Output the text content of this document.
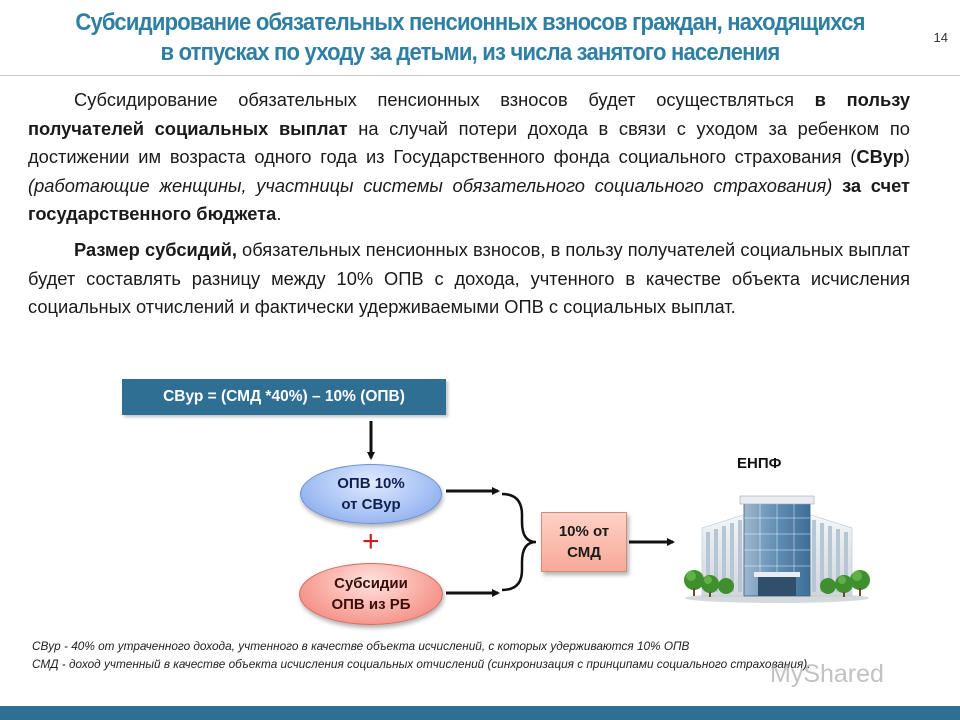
Субсидирование обязательных пенсионных взносов граждан, находящихся
в отпусках по уходу за детьми, из числа занятого населения
14

Субсидирование обязательных пенсионных взносов будет осуществляться в пользу получателей социальных выплат на случай потери дохода в связи с уходом за ребенком по достижении им возраста одного года из Государственного фонда социального страхования (СВур) (работающие женщины, участницы системы обязательного социального страхования) за счет государственного бюджета.

Размер субсидий, обязательных пенсионных взносов, в пользу получателей социальных выплат будет составлять разницу между 10% ОПВ с дохода, учтенного в качестве объекта исчисления социальных отчислений и фактически удерживаемыми ОПВ с социальных выплат.

СВур = (СМД *40%) – 10% (ОПВ)
ОПВ 10%
от СВур
+
Субсидии
ОПВ из РБ
10% от
СМД
ЕНПФ

СВур - 40% от утраченного дохода, учтенного в качестве объекта исчислений, с которых удерживаются 10% ОПВ

СМД - доход учтенный в качестве объекта исчисления социальных отчислений (синхронизация с принципами социального страхования).

MyShared
